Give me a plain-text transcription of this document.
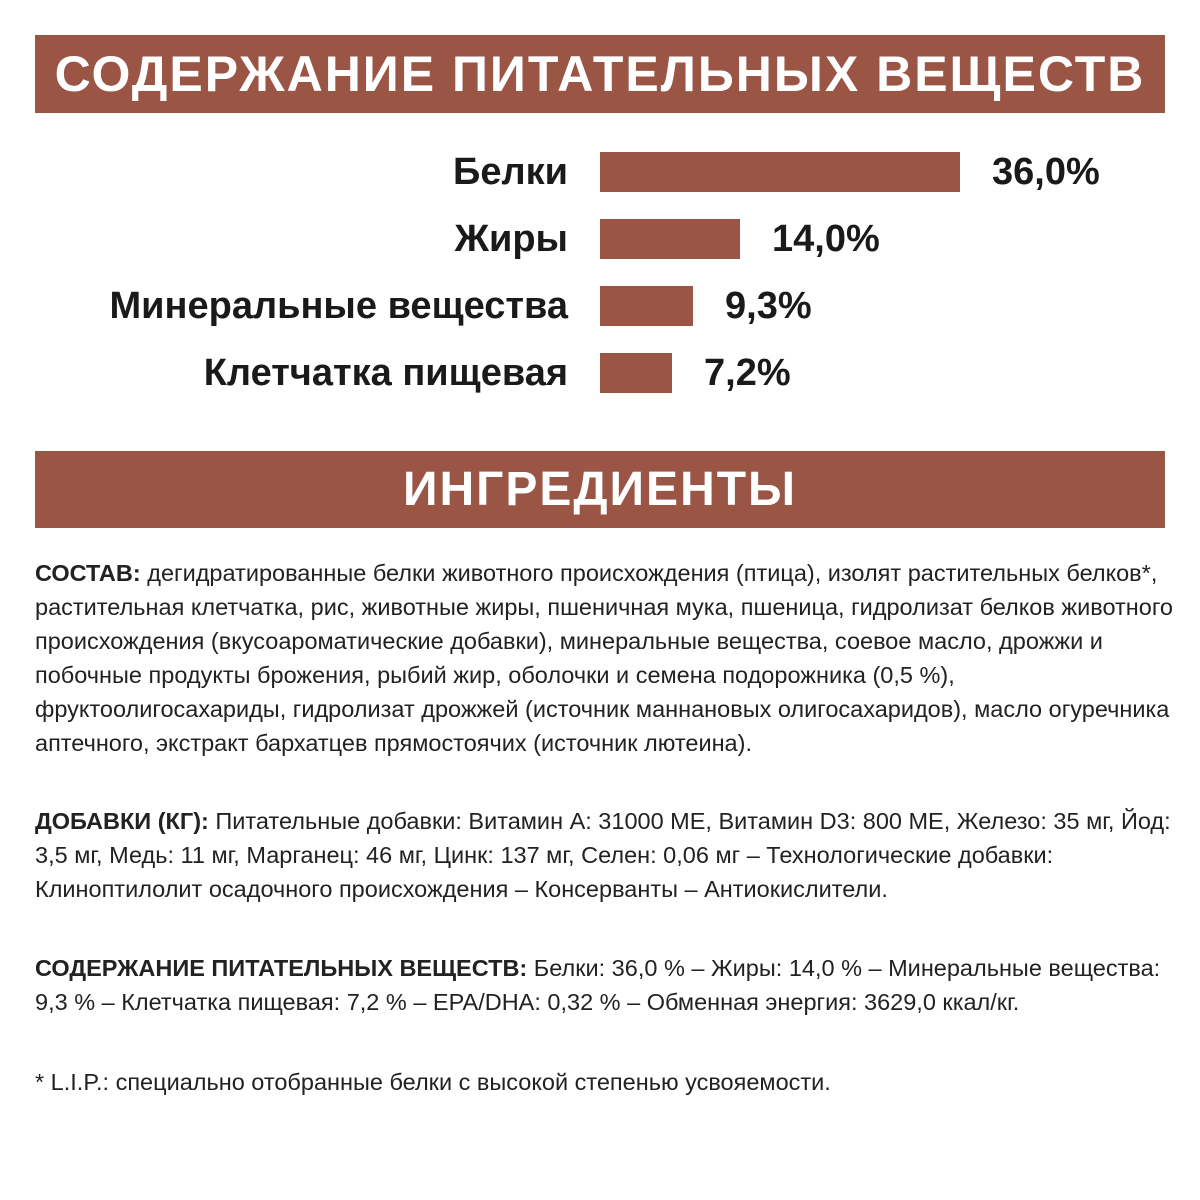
СОДЕРЖАНИЕ ПИТАТЕЛЬНЫХ ВЕЩЕСТВ
Белки	36,0%
Жиры	14,0%
Минеральные вещества	9,3%
Клетчатка пищевая	7,2%
ИНГРЕДИЕНТЫ
СОСТАВ: дегидратированные белки животного происхождения (птица), изолят растительных белков*, растительная клетчатка, рис, животные жиры, пшеничная мука, пшеница, гидролизат белков животного происхождения (вкусоароматические добавки), минеральные вещества, соевое масло, дрожжи и побочные продукты брожения, рыбий жир, оболочки и семена подорожника (0,5 %), фруктоолигосахариды, гидролизат дрожжей (источник маннановых олигосахаридов), масло огуречника аптечного, экстракт бархатцев прямостоячих (источник лютеина).
ДОБАВКИ (КГ): Питательные добавки: Витамин A: 31000 МЕ, Витамин D3: 800 МЕ, Железо: 35 мг, Йод: 3,5 мг, Медь: 11 мг, Марганец: 46 мг, Цинк: 137 мг, Селен: 0,06 мг – Технологические добавки: Клиноптилолит осадочного происхождения – Консерванты – Антиокислители.
СОДЕРЖАНИЕ ПИТАТЕЛЬНЫХ ВЕЩЕСТВ: Белки: 36,0 % – Жиры: 14,0 % – Минеральные вещества: 9,3 % – Клетчатка пищевая: 7,2 % – EPA/DHA: 0,32 % – Обменная энергия: 3629,0 ккал/кг.
* L.I.P.: специально отобранные белки с высокой степенью усвояемости.
